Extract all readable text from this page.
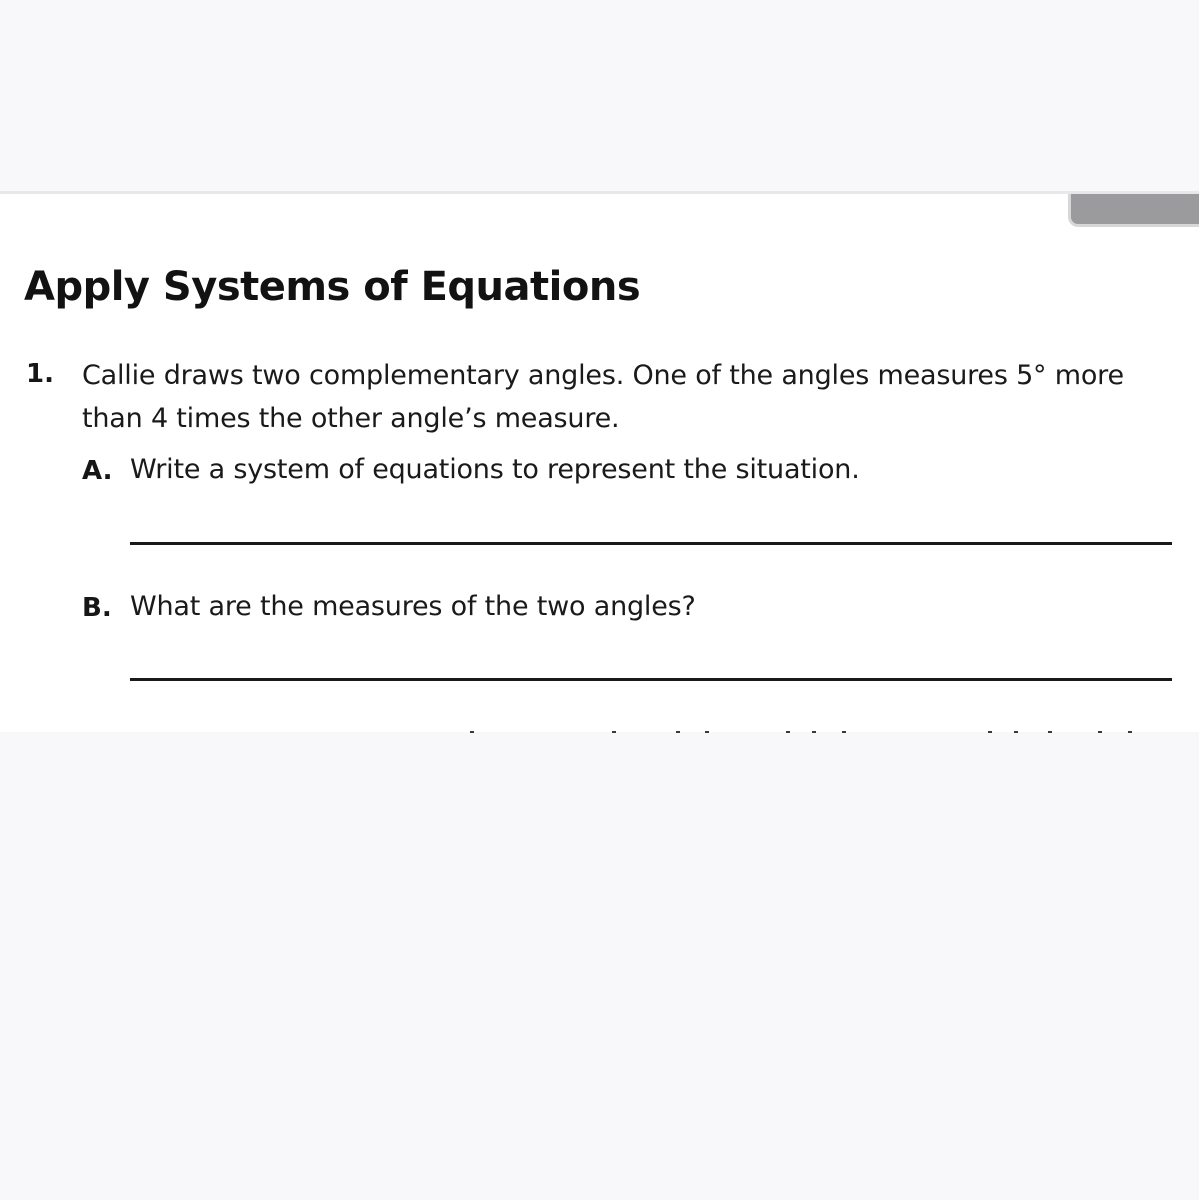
Apply Systems of Equations
1. Callie draws two complementary angles. One of the angles measures 5° more than 4 times the other angle’s measure.

A. Write a system of equations to represent the situation.

B. What are the measures of the two angles?
